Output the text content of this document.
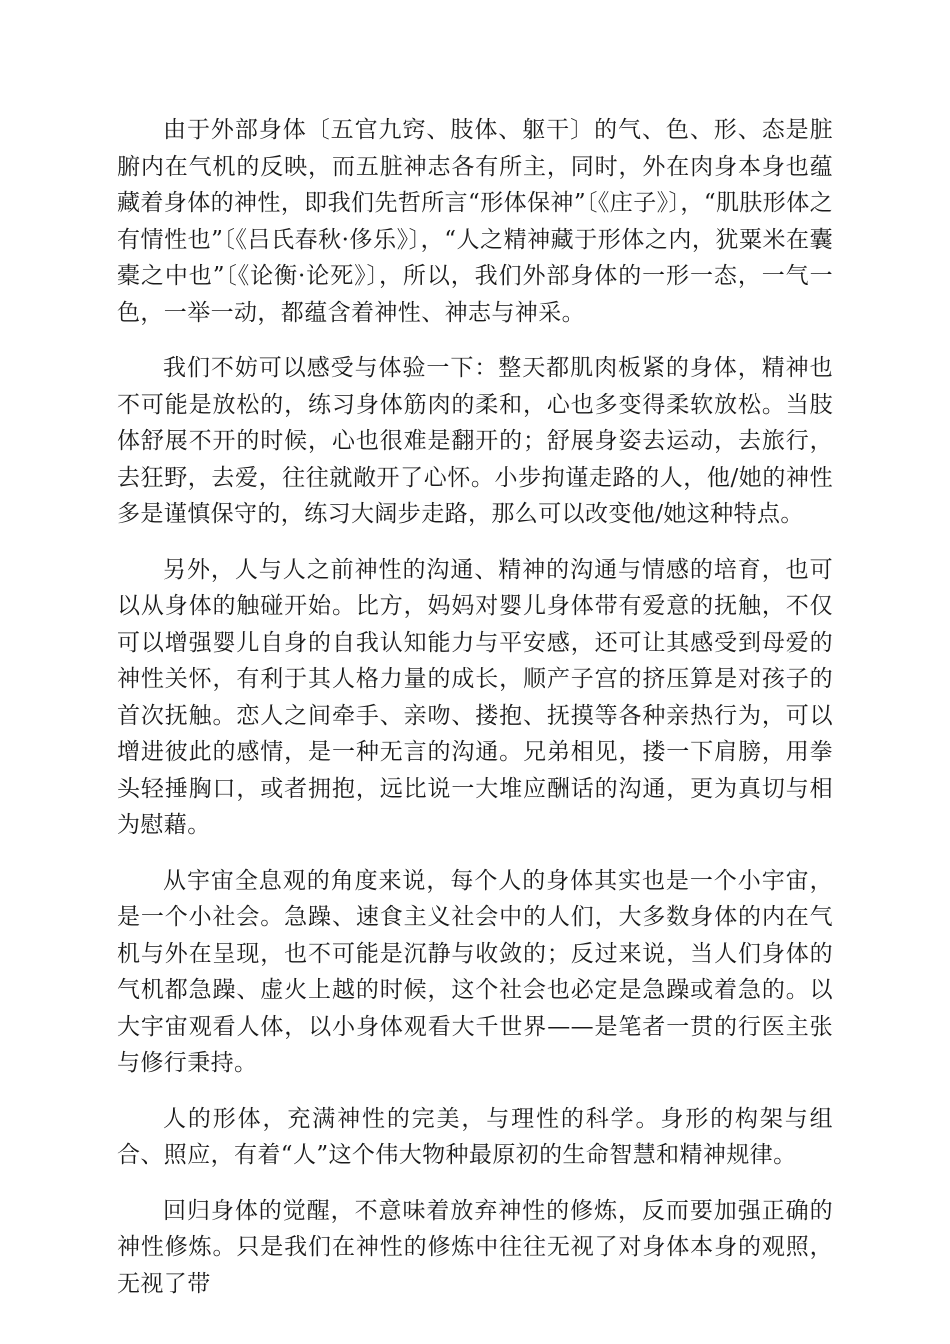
由于外部身体〔五官九窍、肢体、躯干〕的气、色、形、态是脏腑内在气机的反映，而五脏神志各有所主，同时，外在肉身本身也蕴藏着身体的神性，即我们先哲所言“形体保神”〔《庄子》〕，“肌肤形体之有情性也”〔《吕氏春秋·侈乐》〕，“人之精神藏于形体之内，犹粟米在囊橐之中也”〔《论衡·论死》〕，所以，我们外部身体的一形一态，一气一色，一举一动，都蕴含着神性、神志与神采。

我们不妨可以感受与体验一下：整天都肌肉板紧的身体，精神也不可能是放松的，练习身体筋肉的柔和，心也多变得柔软放松。当肢体舒展不开的时候，心也很难是翻开的；舒展身姿去运动，去旅行，去狂野，去爱，往往就敞开了心怀。小步拘谨走路的人，他/她的神性多是谨慎保守的，练习大阔步走路，那么可以改变他/她这种特点。

另外，人与人之前神性的沟通、精神的沟通与情感的培育，也可以从身体的触碰开始。比方，妈妈对婴儿身体带有爱意的抚触，不仅可以增强婴儿自身的自我认知能力与平安感，还可让其感受到母爱的神性关怀，有利于其人格力量的成长，顺产子宫的挤压算是对孩子的首次抚触。恋人之间牵手、亲吻、搂抱、抚摸等各种亲热行为，可以增进彼此的感情，是一种无言的沟通。兄弟相见，搂一下肩膀，用拳头轻捶胸口，或者拥抱，远比说一大堆应酬话的沟通，更为真切与相为慰藉。

从宇宙全息观的角度来说，每个人的身体其实也是一个小宇宙，是一个小社会。急躁、速食主义社会中的人们，大多数身体的内在气机与外在呈现，也不可能是沉静与收敛的；反过来说，当人们身体的气机都急躁、虚火上越的时候，这个社会也必定是急躁或着急的。以大宇宙观看人体，以小身体观看大千世界——是笔者一贯的行医主张与修行秉持。

人的形体，充满神性的完美，与理性的科学。身形的构架与组合、照应，有着“人”这个伟大物种最原初的生命智慧和精神规律。

回归身体的觉醒，不意味着放弃神性的修炼，反而要加强正确的神性修炼。只是我们在神性的修炼中往往无视了对身体本身的观照，无视了带
